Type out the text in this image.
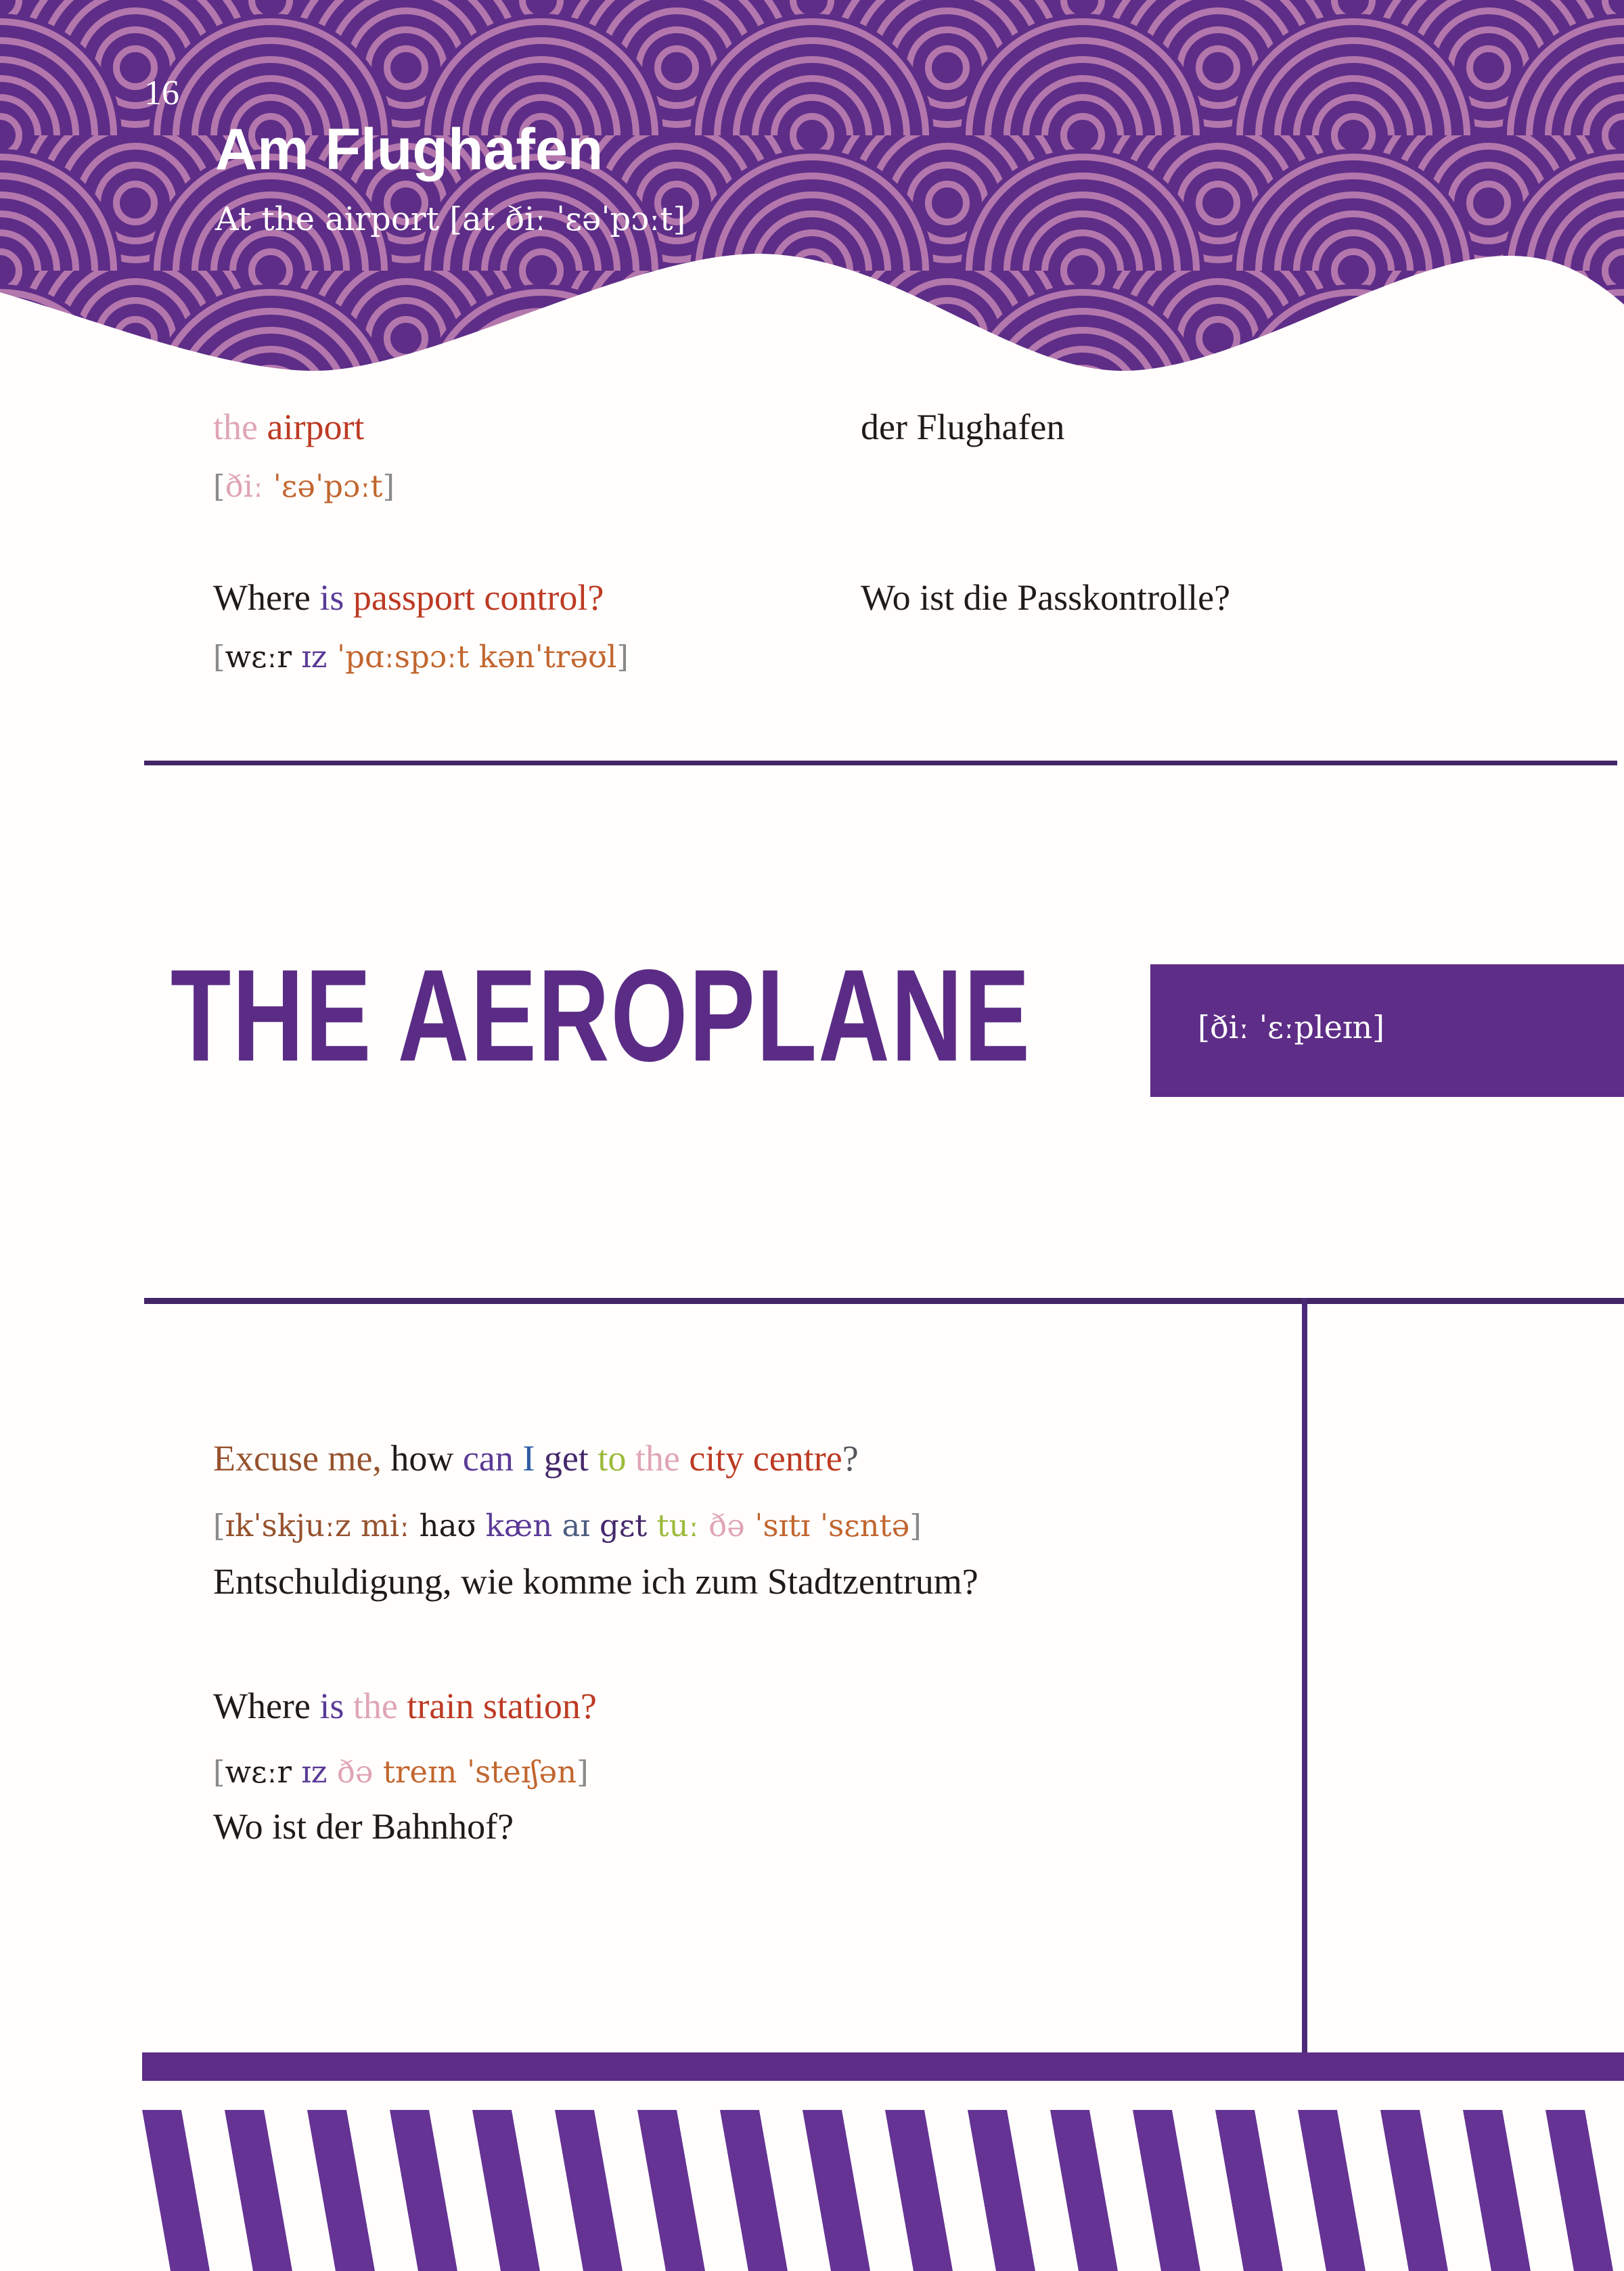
16
Am Flughafen
At the airport [at ðiː ˈɛəˈpɔːt]
the airport
[ðiː ˈɛəˈpɔːt]
der Flughafen
Where is passport control?
[wɛːr ɪz ˈpɑːspɔːt kənˈtrəʊl]
Wo ist die Passkontrolle?
THE AEROPLANE	[ðiː ˈɛːpleɪn]
Excuse me, how can I get to the city centre?
[ɪkˈskjuːz miː haʊ kæn aɪ gɛt tuː ðə ˈsɪtɪ ˈsɛntə]
Entschuldigung, wie komme ich zum Stadtzentrum?
Where is the train station?
[wɛːr ɪz ðə treɪn ˈsteɪʃən]
Wo ist der Bahnhof?
